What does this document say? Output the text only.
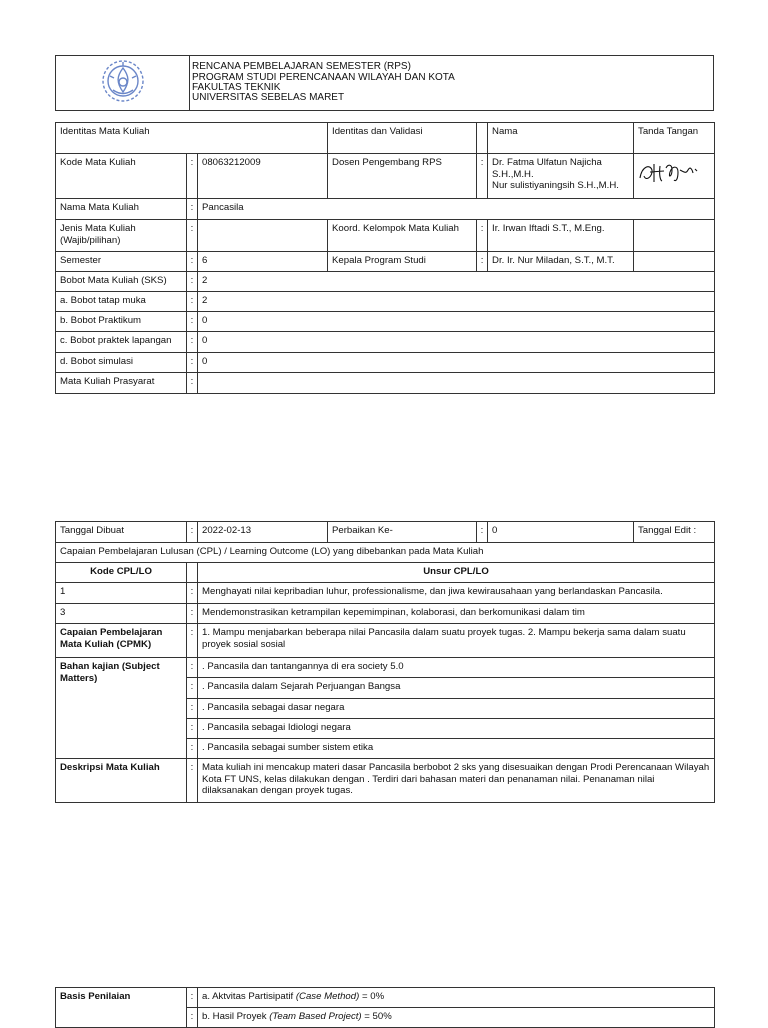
RENCANA PEMBELAJARAN SEMESTER (RPS)
PROGRAM STUDI PERENCANAAN WILAYAH DAN KOTA
FAKULTAS TEKNIK
UNIVERSITAS SEBELAS MARET
Identitas Mata Kuliah			Identitas dan Validasi		Nama	Tanda Tangan
Kode Mata Kuliah	:	08063212009	Dosen Pengembang RPS	:	Dr. Fatma Ulfatun Najicha S.H.,M.H.
Nur sulistiyaningsih S.H.,M.H.

Nama Mata Kuliah	:	Pancasila				
Jenis Mata Kuliah (Wajib/pilihan)	:		Koord. Kelompok Mata Kuliah	:	Ir. Irwan Iftadi S.T., M.Eng.	
Semester	:	6	Kepala Program Studi	:	Dr. Ir. Nur Miladan, S.T., M.T.	
Bobot Mata Kuliah (SKS)	:	2				
a. Bobot tatap muka	:	2				
b. Bobot Praktikum	:	0				
c. Bobot praktek lapangan	:	0				
d. Bobot simulasi	:	0				
Mata Kuliah Prasyarat	:					
Tanggal Dibuat	:	2022-02-13	Perbaikan Ke-	:	0	Tanggal Edit :
Capaian Pembelajaran Lulusan (CPL) / Learning Outcome (LO) yang dibebankan pada Mata Kuliah						
Kode CPL/LO		Unsur CPL/LO				
1	:	Menghayati nilai kepribadian luhur, professionalisme, dan jiwa kewirausahaan yang berlandaskan Pancasila.				
3	:	Mendemonstrasikan ketrampilan kepemimpinan, kolaborasi, dan berkomunikasi dalam tim				
Capaian Pembelajaran Mata Kuliah (CPMK)	:	1. Mampu menjabarkan beberapa nilai Pancasila dalam suatu proyek tugas. 2. Mampu bekerja sama dalam suatu proyek sosial sosial				
Bahan kajian (Subject Matters)	:	. Pancasila dan tantangannya di era society 5.0				
	:	. Pancasila dalam Sejarah Perjuangan Bangsa				
	:	. Pancasila sebagai dasar negara				
	:	. Pancasila sebagai Idiologi negara				
	:	. Pancasila sebagai sumber sistem etika				
Deskripsi Mata Kuliah	:	Mata kuliah ini mencakup materi dasar Pancasila berbobot 2 sks yang disesuaikan dengan Prodi Perencanaan Wilayah Kota FT UNS, kelas dilakukan dengan . Terdiri dari bahasan materi dan penanaman nilai. Penanaman nilai dilaksanakan dengan proyek tugas.				
Basis Penilaian	:	a. Aktvitas Partisipatif (Case Method) = 0%
	:	b. Hasil Proyek (Team Based Project) = 50%
